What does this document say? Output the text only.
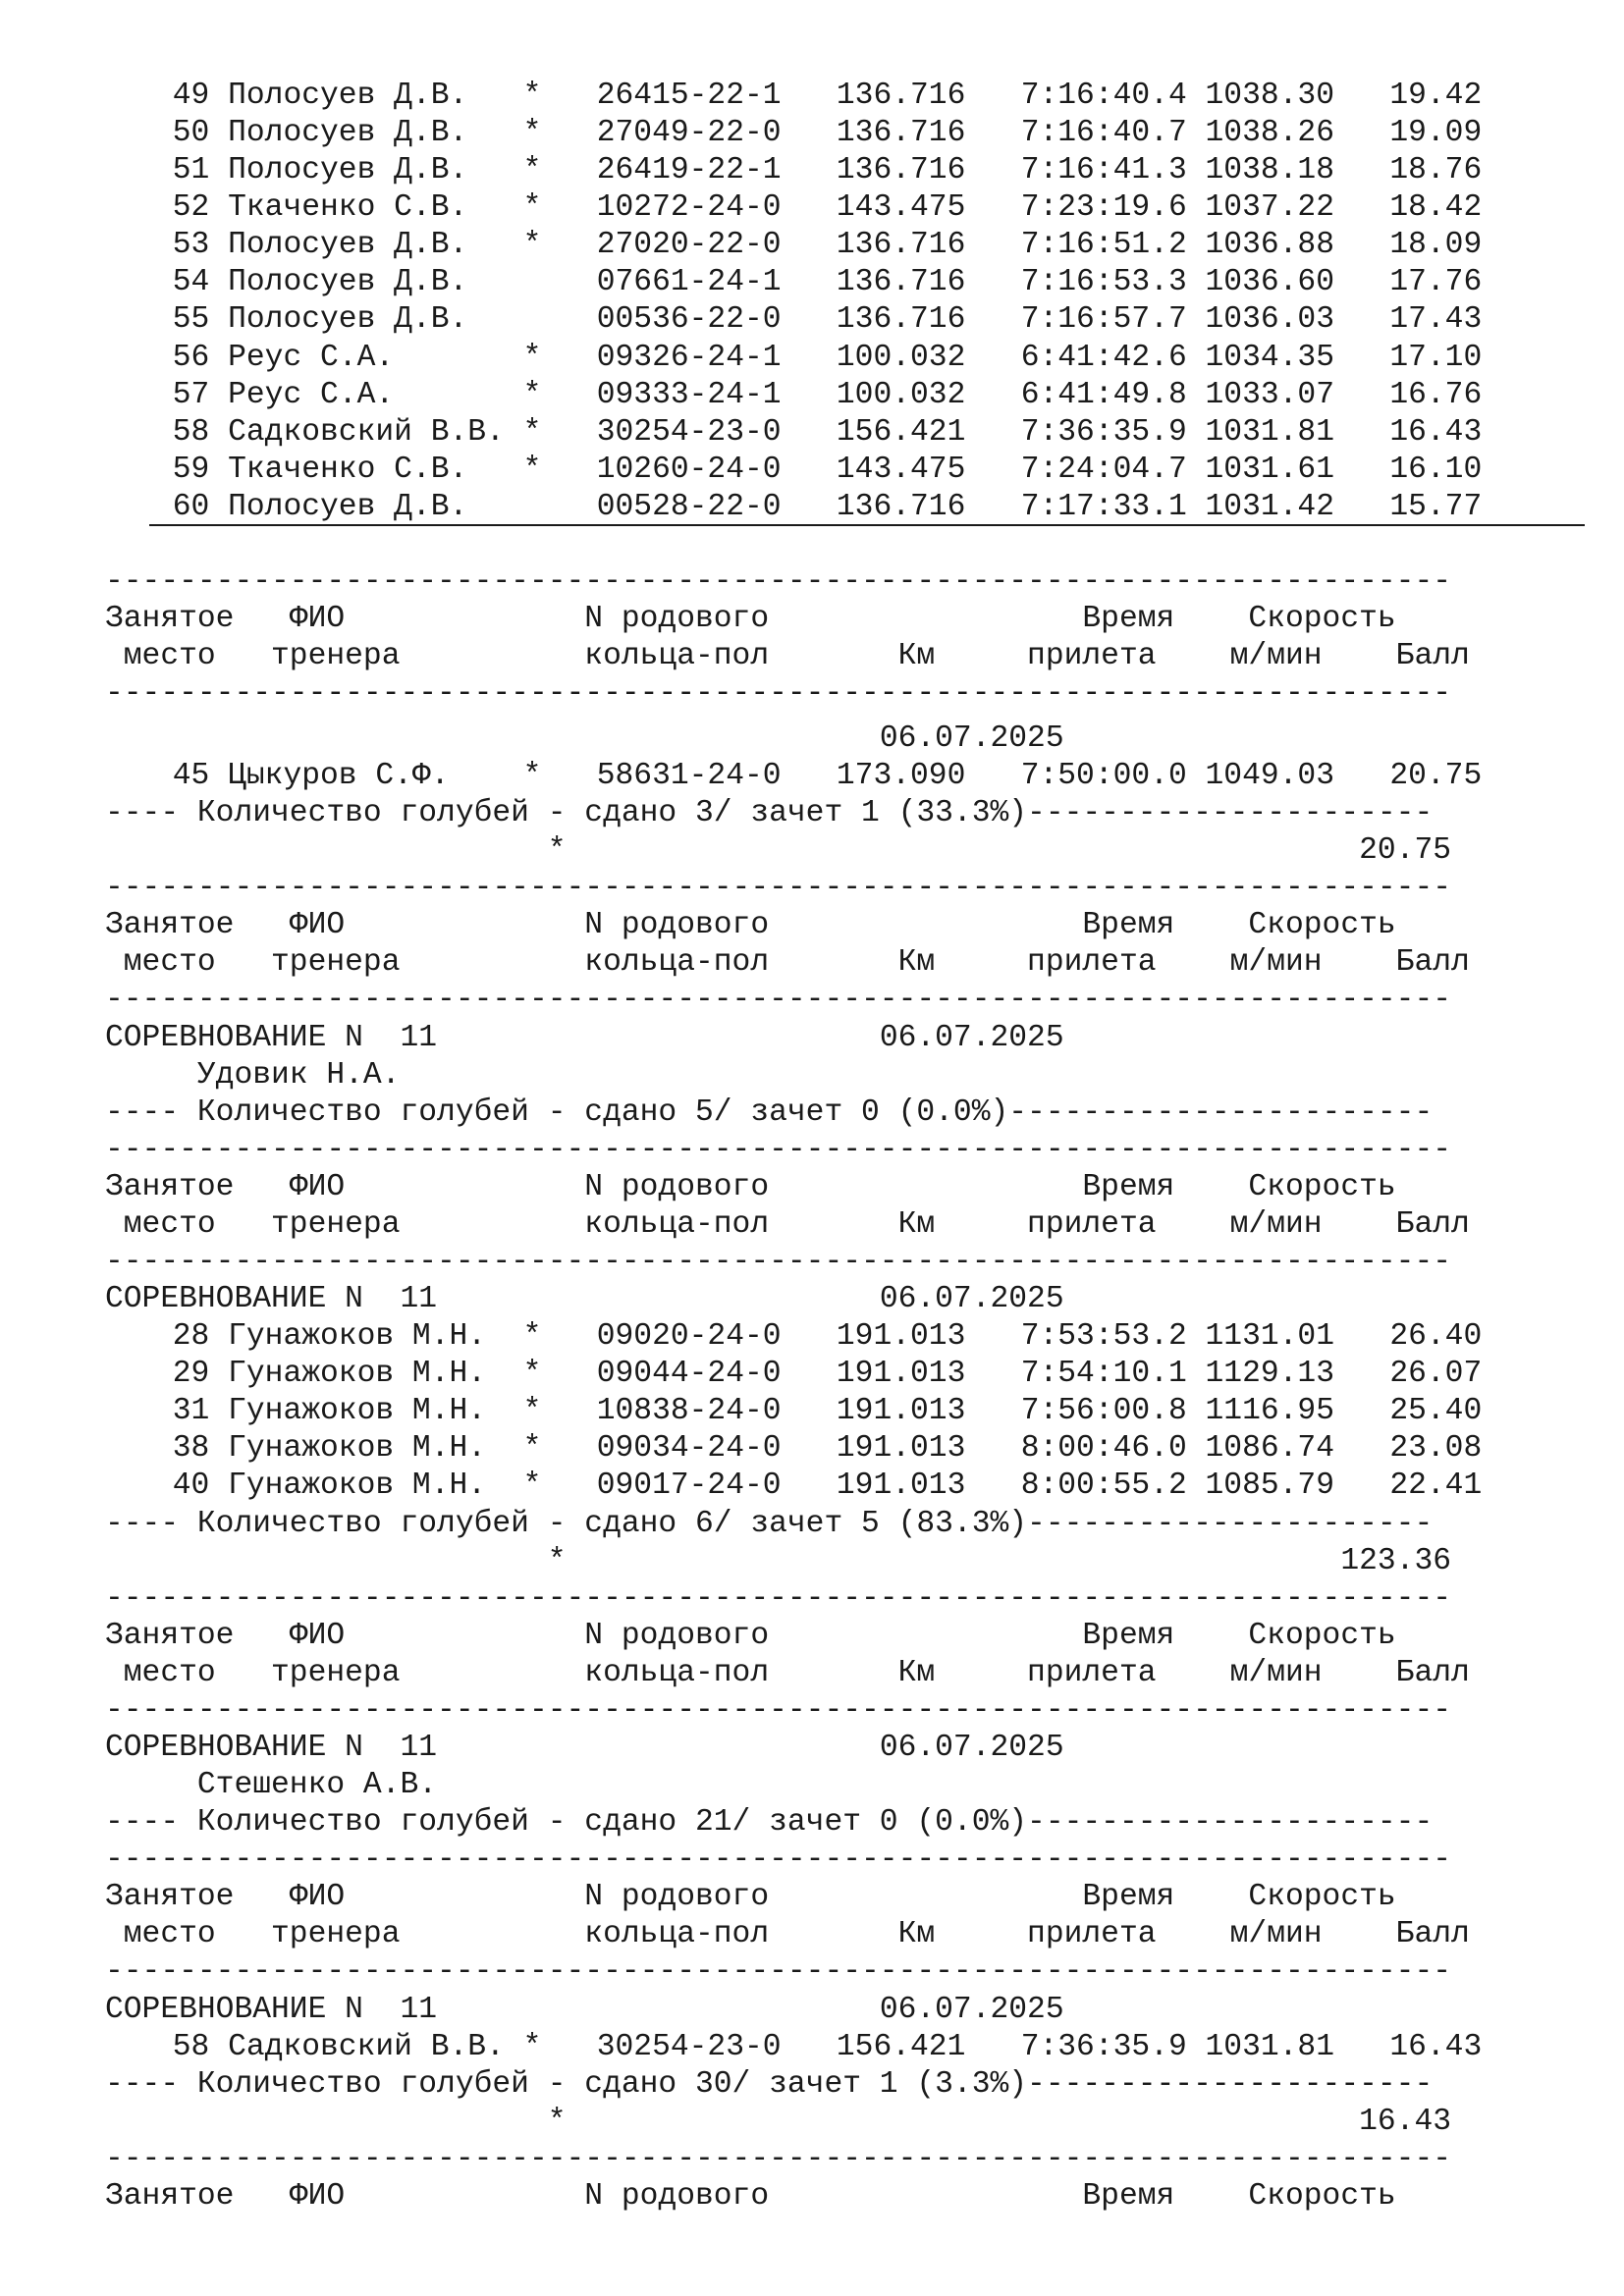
49 Полосуев Д.В.   * 26415-22-1 136.716 7:16:40.4 1038.30   19.42
50 Полосуев Д.В.   * 27049-22-0 136.716 7:16:40.7 1038.26   19.09
51 Полосуев Д.В.   * 26419-22-1 136.716 7:16:41.3 1038.18   18.76
52 Ткаченко С.В.   * 10272-24-0 143.475 7:23:19.6 1037.22   18.42
53 Полосуев Д.В.   * 27020-22-0 136.716 7:16:51.2 1036.88   18.09
54 Полосуев Д.В.	07661-24-1 136.716 7:16:53.3 1036.60   17.76
55 Полосуев Д.В.	00536-22-0 136.716 7:16:57.7 1036.03   17.43
56 Реус С.А.       * 09326-24-1 100.032 6:41:42.6 1034.35   17.10
57 Реус С.А.       * 09333-24-1 100.032 6:41:49.8 1033.07   16.76
58 Садковский В.В. * 30254-23-0 156.421 7:36:35.9 1031.81   16.43
59 Ткаченко С.В.   * 10260-24-0 143.475 7:24:04.7 1031.61   16.10
60 Полосуев Д.В.	00528-22-0 136.716 7:17:33.1 1031.42   15.77
-------------------------------------------------------------------------
Занятое   ФИО             N родового                 Время    Скорость
место   тренера          кольца-пол       Км     прилета    м/мин    Балл
-------------------------------------------------------------------------
06.07.2025
45 Цыкуров С.Ф.    * 58631-24-0 173.090 7:50:00.0 1049.03   20.75
---- Количество голубей - сдано 3/ зачет 1 (33.3%)----------------------
*                                           20.75
-------------------------------------------------------------------------
Занятое   ФИО             N родового                 Время    Скорость
место   тренера          кольца-пол       Км     прилета    м/мин    Балл
-------------------------------------------------------------------------
СОРЕВНОВАНИЕ N  11                        06.07.2025
Удовик Н.А.
---- Количество голубей - сдано 5/ зачет 0 (0.0%)-----------------------
-------------------------------------------------------------------------
Занятое   ФИО             N родового                 Время    Скорость
место   тренера          кольца-пол       Км     прилета    м/мин    Балл
-------------------------------------------------------------------------
СОРЕВНОВАНИЕ N  11                        06.07.2025
28 Гунажоков М.Н.  * 09020-24-0 191.013 7:53:53.2 1131.01   26.40
29 Гунажоков М.Н.  * 09044-24-0 191.013 7:54:10.1 1129.13   26.07
31 Гунажоков М.Н.  * 10838-24-0 191.013 7:56:00.8 1116.95   25.40
38 Гунажоков М.Н.  * 09034-24-0 191.013 8:00:46.0 1086.74   23.08
40 Гунажоков М.Н.  * 09017-24-0 191.013 8:00:55.2 1085.79   22.41
---- Количество голубей - сдано 6/ зачет 5 (83.3%)----------------------
*                                          123.36
-------------------------------------------------------------------------
Занятое   ФИО             N родового                 Время    Скорость
место   тренера          кольца-пол       Км     прилета    м/мин    Балл
-------------------------------------------------------------------------
СОРЕВНОВАНИЕ N  11                        06.07.2025
Стешенко А.В.
---- Количество голубей - сдано 21/ зачет 0 (0.0%)----------------------
-------------------------------------------------------------------------
Занятое   ФИО             N родового                 Время    Скорость
место   тренера          кольца-пол       Км     прилета    м/мин    Балл
-------------------------------------------------------------------------
СОРЕВНОВАНИЕ N  11                        06.07.2025
58 Садковский В.В. * 30254-23-0 156.421 7:36:35.9 1031.81   16.43
---- Количество голубей - сдано 30/ зачет 1 (3.3%)----------------------
*                                           16.43
-------------------------------------------------------------------------
Занятое   ФИО             N родового                 Время    Скорость
